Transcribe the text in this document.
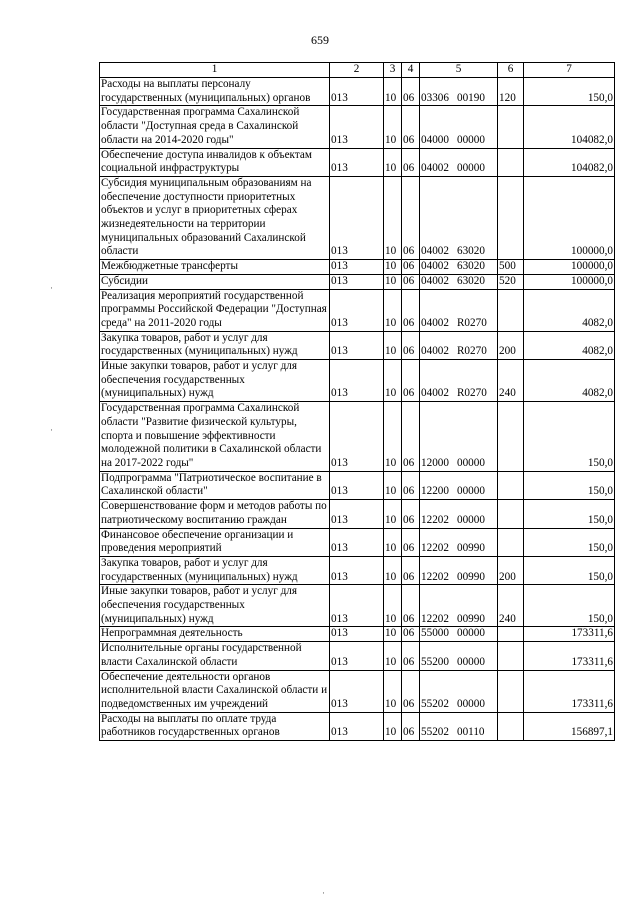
659
1	2	3	4	5	6	7
Расходы на выплаты персоналу государственных (муниципальных) органов	013	10	06	03306 00190	120	150,0
Государственная программа Сахалинской области "Доступная среда в Сахалинской области на 2014-2020 годы"	013	10	06	04000 00000		104082,0
Обеспечение доступа инвалидов к объектам социальной инфраструктуры	013	10	06	04002 00000		104082,0
Субсидия муниципальным образованиям на обеспечение доступности приоритетных объектов и услуг в приоритетных сферах жизнедеятельности на территории муниципальных образований Сахалинской области	013	10	06	04002 63020		100000,0
Межбюджетные трансферты	013	10	06	04002 63020	500	100000,0
Субсидии	013	10	06	04002 63020	520	100000,0
Реализация мероприятий государственной программы Российской Федерации "Доступная среда" на 2011-2020 годы	013	10	06	04002 R0270		4082,0
Закупка товаров, работ и услуг для государственных (муниципальных) нужд	013	10	06	04002 R0270	200	4082,0
Иные закупки товаров, работ и услуг для обеспечения государственных (муниципальных) нужд	013	10	06	04002 R0270	240	4082,0
Государственная программа Сахалинской области "Развитие физической культуры, спорта и повышение эффективности молодежной политики в Сахалинской области на 2017-2022 годы"	013	10	06	12000 00000		150,0
Подпрограмма "Патриотическое воспитание в Сахалинской области"	013	10	06	12200 00000		150,0
Совершенствование форм и методов работы по патриотическому воспитанию граждан	013	10	06	12202 00000		150,0
Финансовое обеспечение организации и проведения мероприятий	013	10	06	12202 00990		150,0
Закупка товаров, работ и услуг для государственных (муниципальных) нужд	013	10	06	12202 00990	200	150,0
Иные закупки товаров, работ и услуг для обеспечения государственных (муниципальных) нужд	013	10	06	12202 00990	240	150,0
Непрограммная деятельность	013	10	06	55000 00000		173311,6
Исполнительные органы государственной власти Сахалинской области	013	10	06	55200 00000		173311,6
Обеспечение деятельности органов исполнительной власти Сахалинской области и подведомственных им учреждений	013	10	06	55202 00000		173311,6
Расходы на выплаты по оплате труда работников государственных органов	013	10	06	55202 00110		156897,1
·
·
·
